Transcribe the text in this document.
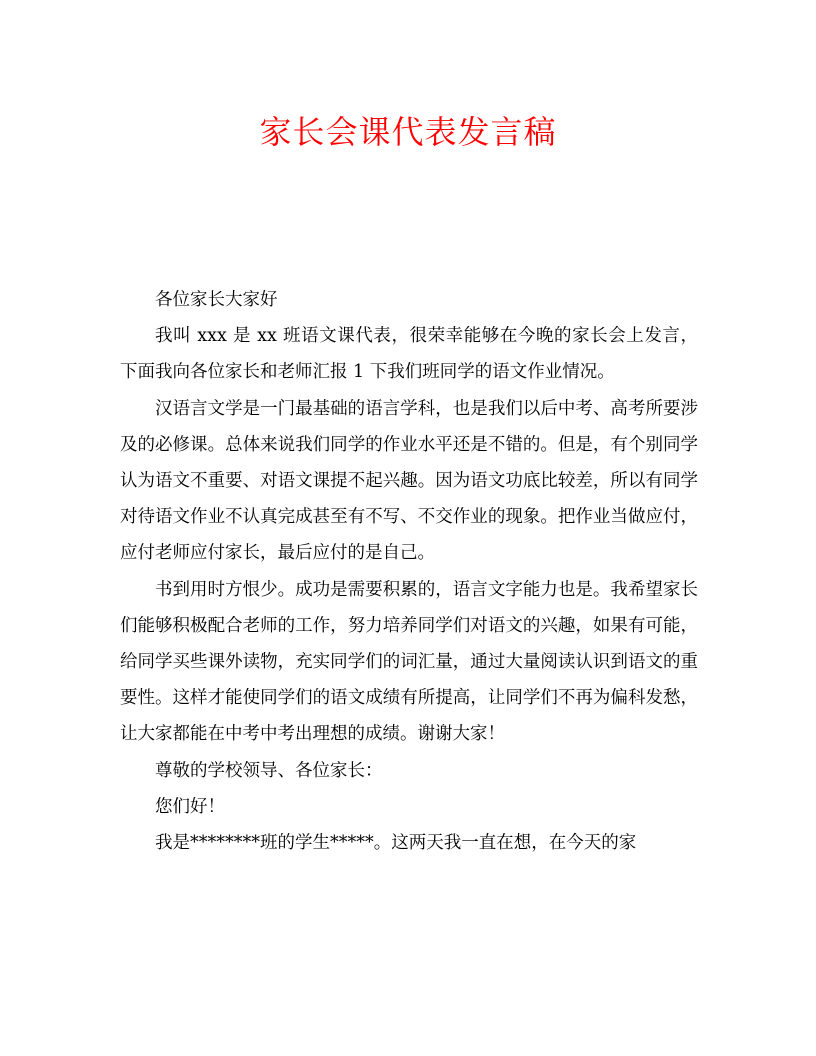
家长会课代表发言稿

各位家长大家好

我叫 xxx 是 xx 班语文课代表，很荣幸能够在今晚的家长会上发言，下面我向各位家长和老师汇报 1 下我们班同学的语文作业情况。

汉语言文学是一门最基础的语言学科，也是我们以后中考、高考所要涉及的必修课。总体来说我们同学的作业水平还是不错的。但是，有个别同学认为语文不重要、对语文课提不起兴趣。因为语文功底比较差，所以有同学对待语文作业不认真完成甚至有不写、不交作业的现象。把作业当做应付，应付老师应付家长，最后应付的是自己。

书到用时方恨少。成功是需要积累的，语言文字能力也是。我希望家长们能够积极配合老师的工作，努力培养同学们对语文的兴趣，如果有可能，给同学买些课外读物，充实同学们的词汇量，通过大量阅读认识到语文的重要性。这样才能使同学们的语文成绩有所提高，让同学们不再为偏科发愁，让大家都能在中考中考出理想的成绩。谢谢大家！

尊敬的学校领导、各位家长：

您们好！

我是********班的学生*****。这两天我一直在想，在今天的家
